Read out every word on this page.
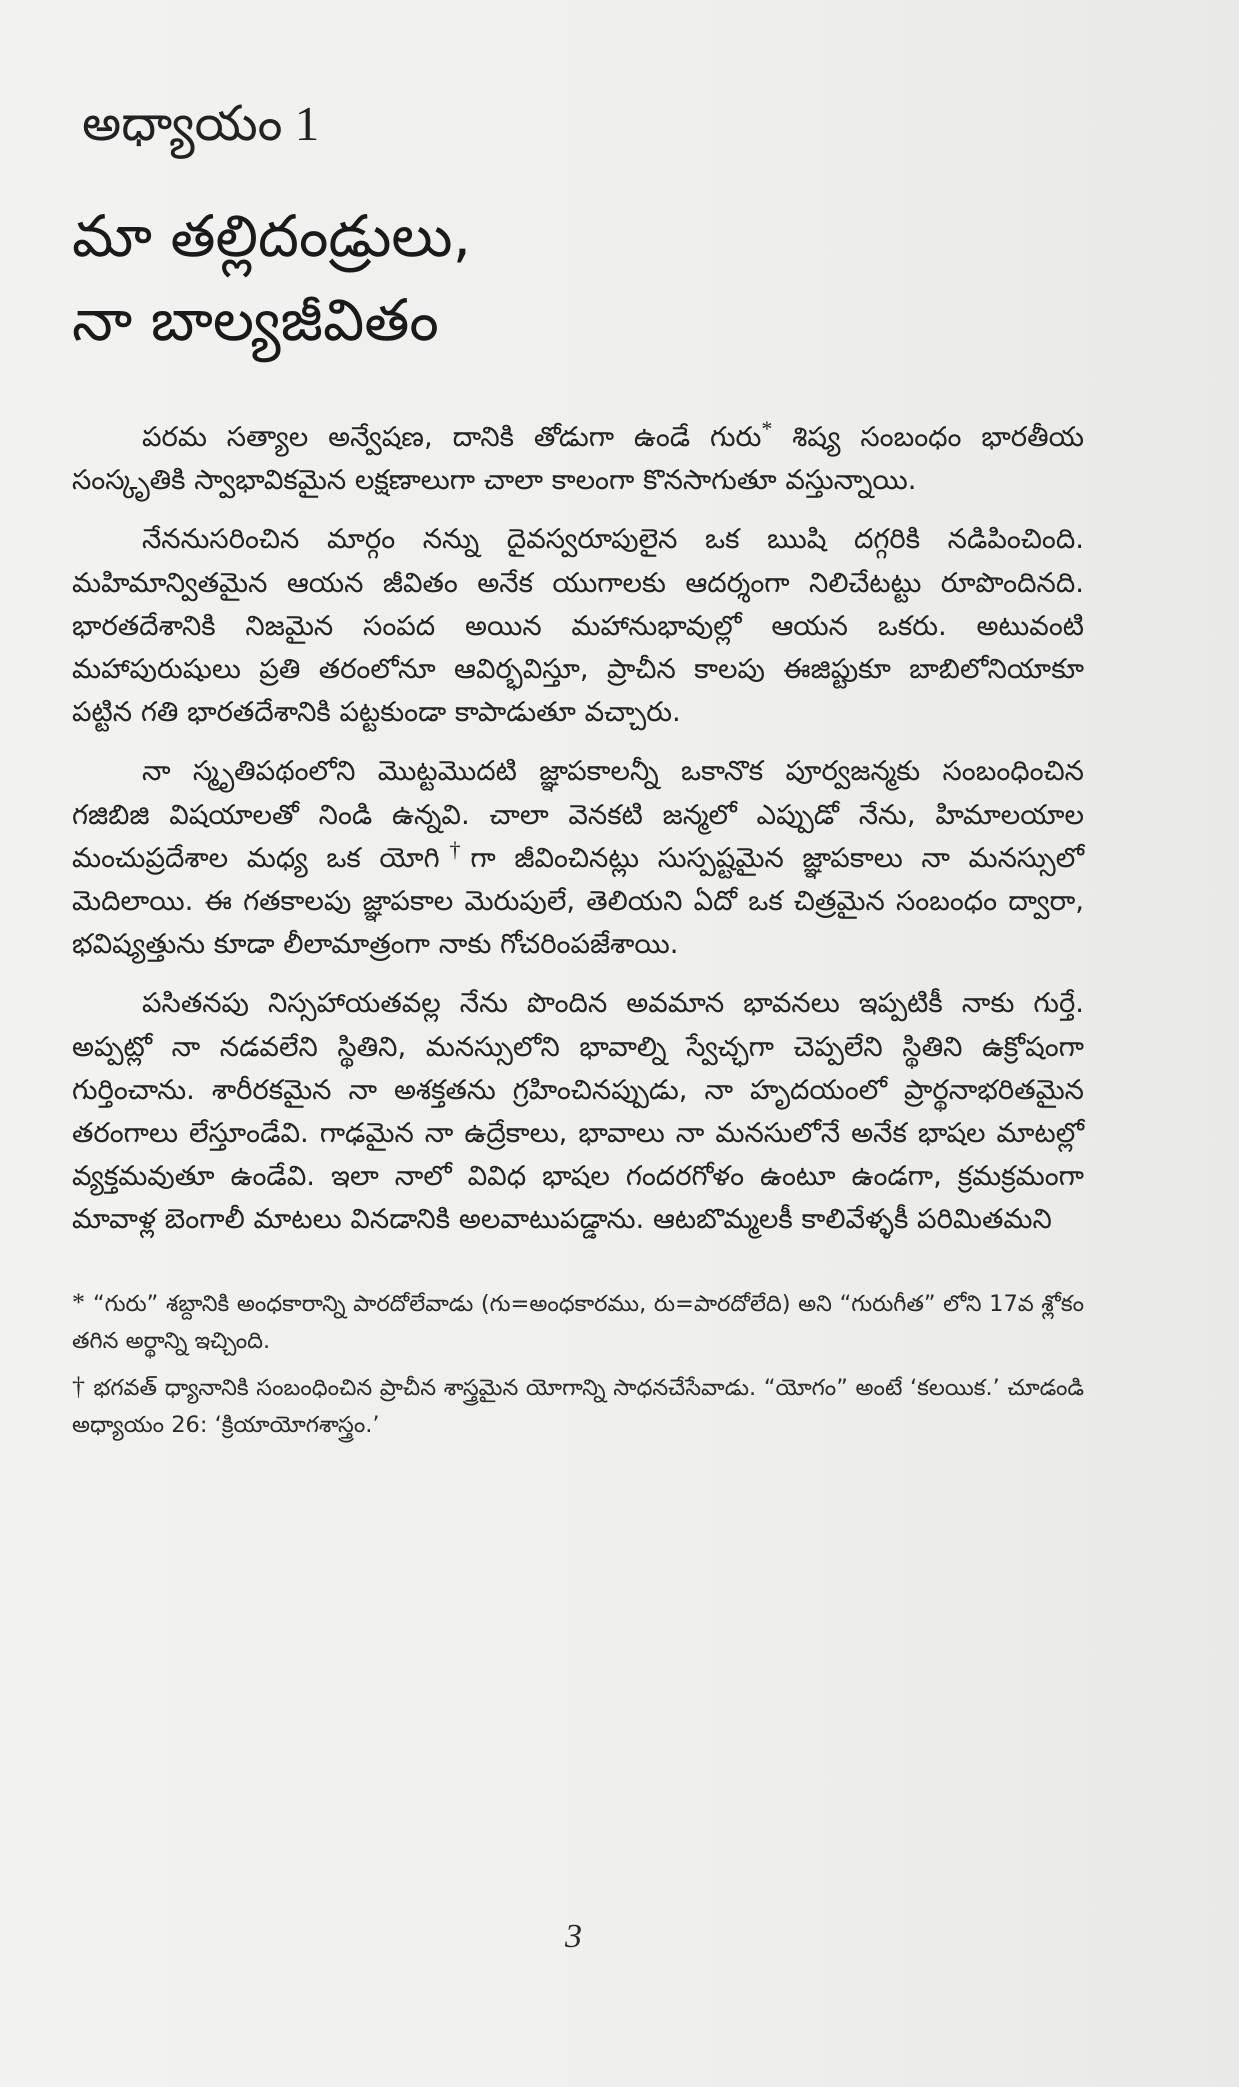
అధ్యాయం 1
మా తల్లిదండ్రులు,
నా బాల్యజీవితం

పరమ సత్యాల అన్వేషణ, దానికి తోడుగా ఉండే గురు* శిష్య సంబంధం భారతీయ సంస్కృతికి స్వాభావికమైన లక్షణాలుగా చాలా కాలంగా కొనసాగుతూ వస్తున్నాయి.

నేననుసరించిన మార్గం నన్ను దైవస్వరూపులైన ఒక ఋషి దగ్గరికి నడిపించింది. మహిమాన్వితమైన ఆయన జీవితం అనేక యుగాలకు ఆదర్శంగా నిలిచేటట్టు రూపొందినది. భారతదేశానికి నిజమైన సంపద అయిన మహానుభావుల్లో ఆయన ఒకరు. అటువంటి మహాపురుషులు ప్రతి తరంలోనూ ఆవిర్భవిస్తూ, ప్రాచీన కాలపు ఈజిప్టుకూ బాబిలోనియాకూ పట్టిన గతి భారతదేశానికి పట్టకుండా కాపాడుతూ వచ్చారు.

నా స్మృతిపథంలోని మొట్టమొదటి జ్ఞాపకాలన్నీ ఒకానొక పూర్వజన్మకు సంబంధించిన గజిబిజి విషయాలతో నిండి ఉన్నవి. చాలా వెనకటి జన్మలో ఎప్పుడో నేను, హిమాలయాల మంచుప్రదేశాల మధ్య ఒక యోగి†గా జీవించినట్లు సుస్పష్టమైన జ్ఞాపకాలు నా మనస్సులో మెదిలాయి. ఈ గతకాలపు జ్ఞాపకాల మెరుపులే, తెలియని ఏదో ఒక చిత్రమైన సంబంధం ద్వారా, భవిష్యత్తును కూడా లీలామాత్రంగా నాకు గోచరింపజేశాయి.

పసితనపు నిస్సహాయతవల్ల నేను పొందిన అవమాన భావనలు ఇప్పటికీ నాకు గుర్తే. అప్పట్లో నా నడవలేని స్థితిని, మనస్సులోని భావాల్ని స్వేచ్ఛగా చెప్పలేని స్థితిని ఉక్రోషంగా గుర్తించాను. శారీరకమైన నా అశక్తతను గ్రహించినప్పుడు, నా హృదయంలో ప్రార్థనాభరితమైన తరంగాలు లేస్తూండేవి. గాఢమైన నా ఉద్రేకాలు, భావాలు నా మనసులోనే అనేక భాషల మాటల్లో వ్యక్తమవుతూ ఉండేవి. ఇలా నాలో వివిధ భాషల గందరగోళం ఉంటూ ఉండగా, క్రమక్రమంగా మావాళ్ల బెంగాలీ మాటలు వినడానికి అలవాటుపడ్డాను. ఆటబొమ్మలకీ కాలివేళ్ళకీ పరిమితమని

* “గురు” శబ్దానికి అంధకారాన్ని పారదోలేవాడు (గు=అంధకారము, రు=పారదోలేది) అని “గురుగీత” లోని 17వ శ్లోకం తగిన అర్థాన్ని ఇచ్చింది.

† భగవత్ ధ్యానానికి సంబంధించిన ప్రాచీన శాస్త్రమైన యోగాన్ని సాధనచేసేవాడు. “యోగం” అంటే ‘కలయిక.’ చూడండి అధ్యాయం 26: ‘క్రియాయోగశాస్త్రం.’

3
